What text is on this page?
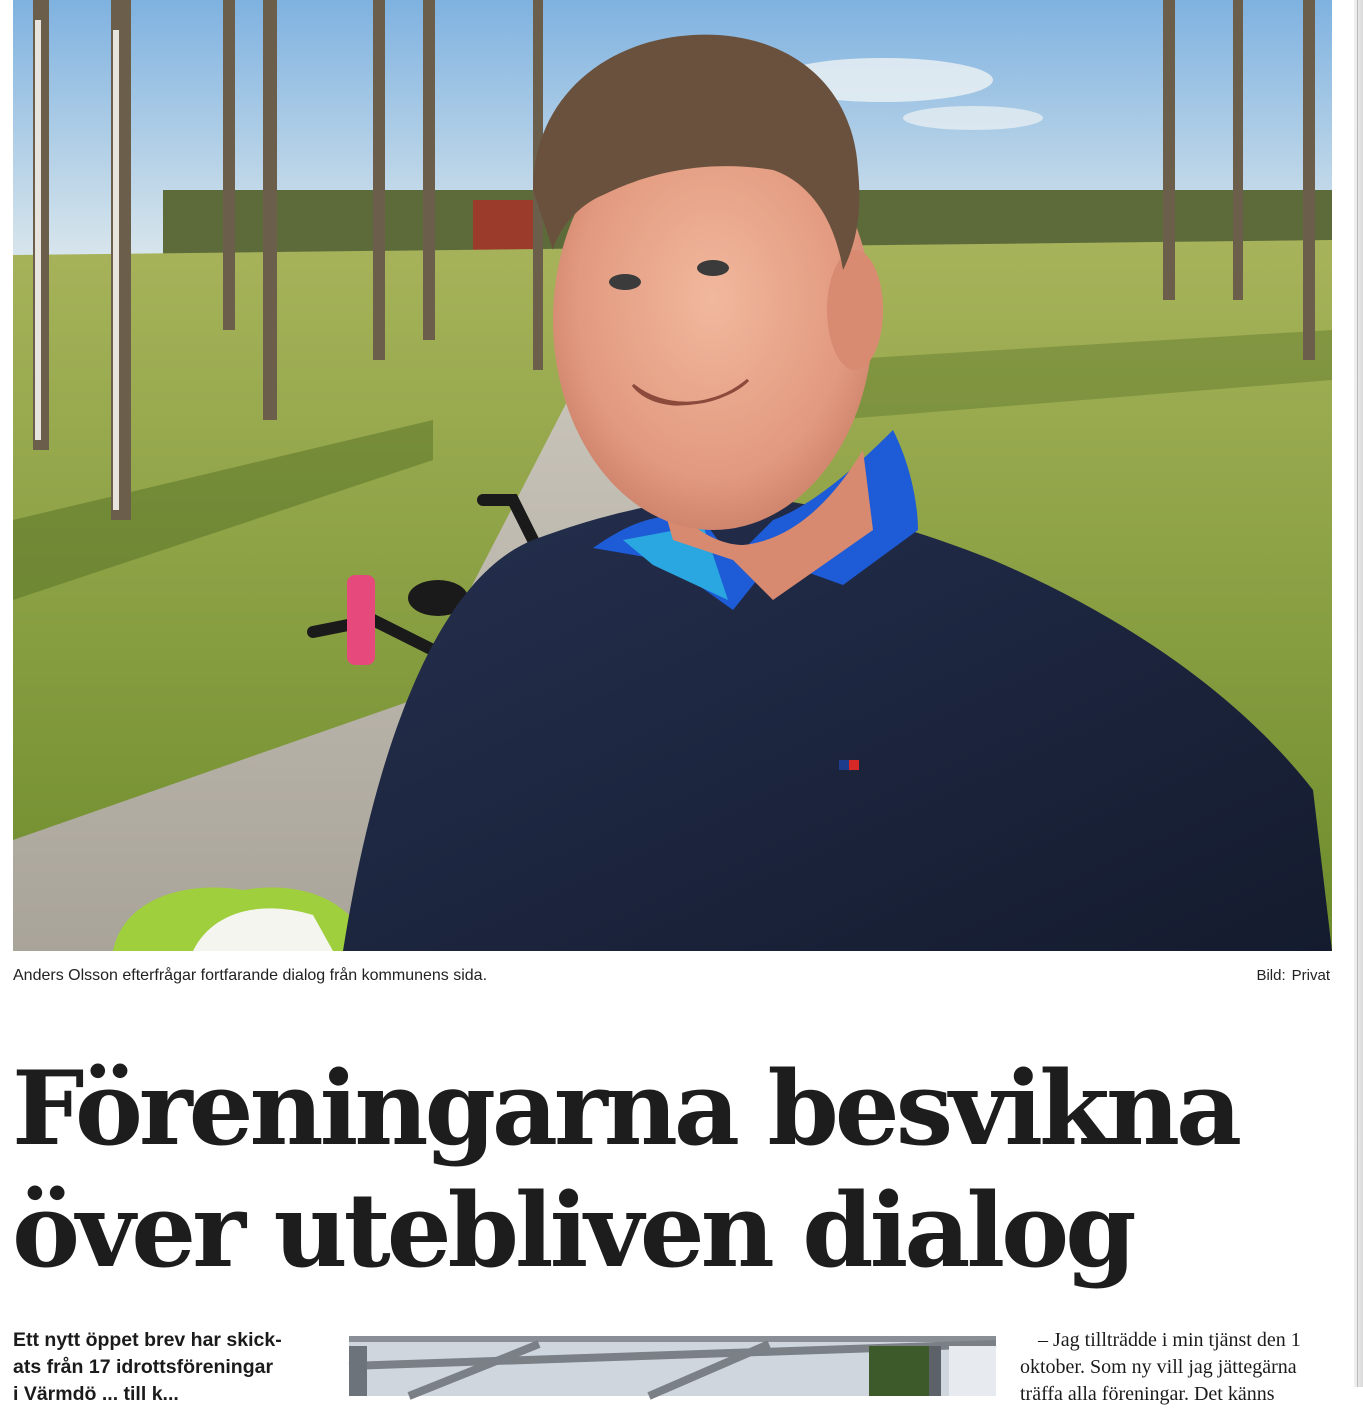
Anders Olsson efterfrågar fortfarande dialog från kommunens sida.	Bild: Privat
Föreningarna besvikna
över utebliven dialog

Ett nytt öppet brev har skick-
ats från 17 idrottsföreningar
i Värmdö ... till k...

– Jag tillträdde i min tjänst den 1
oktober. Som ny vill jag jättegärna
träffa alla föreningar. Det känns
